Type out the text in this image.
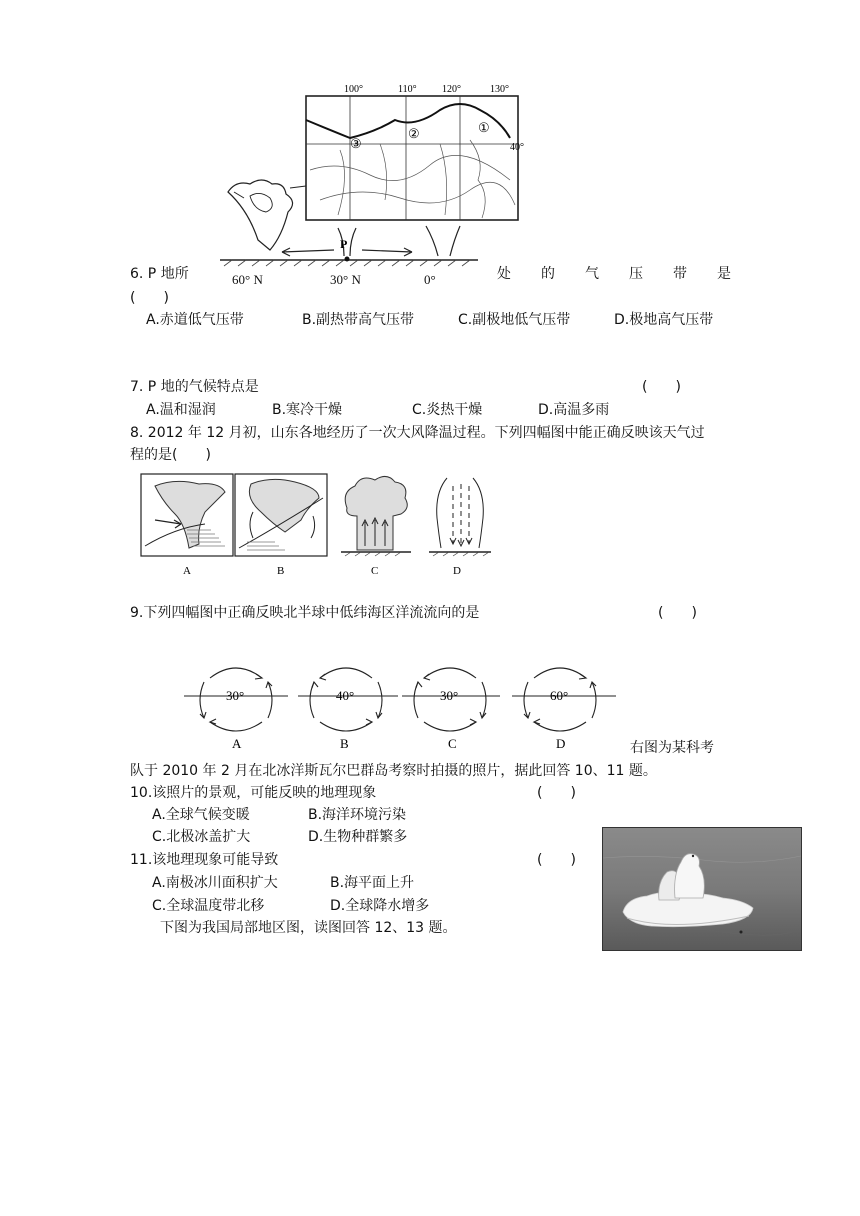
100°	110°	120°	130°
40°
①
②
③
P
60° N	30° N	0°
6. P 地所	处 的 气 压 带 是
(　　)
A.赤道低气压带	B.副热带高气压带	C.副极地低气压带	D.极地高气压带
7. P 地的气候特点是	(　　)
A.温和湿润	B.寒冷干燥	C.炎热干燥	D.高温多雨
8. 2012 年 12 月初，山东各地经历了一次大风降温过程。下列四幅图中能正确反映该天气过
程的是(　　)
A	B	C	D
9.下列四幅图中正确反映北半球中低纬海区洋流流向的是	(　　)
30°	40°	30°	60°
A	B	C	D	右图为某科考
队于 2010 年 2 月在北冰洋斯瓦尔巴群岛考察时拍摄的照片，据此回答 10、11 题。
10.该照片的景观，可能反映的地理现象	(　　)
A.全球气候变暖	B.海洋环境污染
C.北极冰盖扩大	D.生物种群繁多
11.该地理现象可能导致	(　　)
A.南极冰川面积扩大	B.海平面上升
C.全球温度带北移	D.全球降水增多
下图为我国局部地区图，读图回答 12、13 题。
